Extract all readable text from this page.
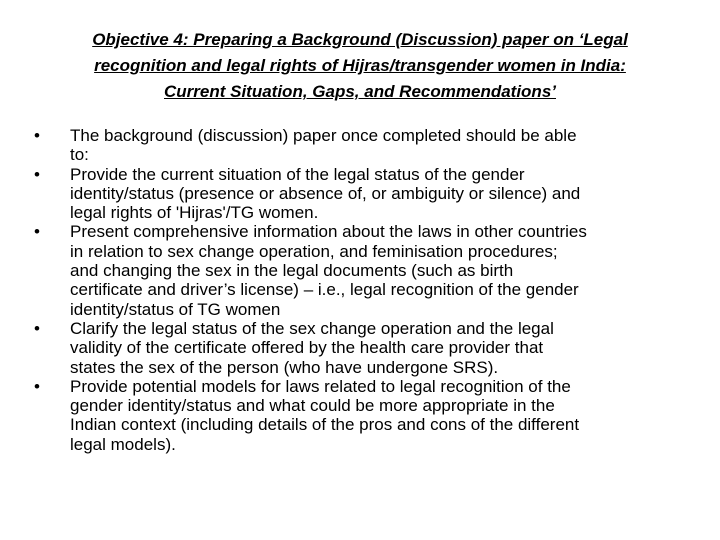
Objective 4: Preparing a Background (Discussion) paper on ‘Legal
recognition and legal rights of Hijras/transgender women in India:
Current Situation, Gaps, and Recommendations’
• The background (discussion) paper once completed should be able
to:
• Provide the current situation of the legal status of the gender
identity/status (presence or absence of, or ambiguity or silence) and
legal rights of 'Hijras'/TG women.
• Present comprehensive information about the laws in other countries
in relation to sex change operation, and feminisation procedures;
and changing the sex in the legal documents (such as birth
certificate and driver’s license) – i.e., legal recognition of the gender
identity/status of TG women
• Clarify the legal status of the sex change operation and the legal
validity of the certificate offered by the health care provider that
states the sex of the person (who have undergone SRS).
• Provide potential models for laws related to legal recognition of the
gender identity/status and what could be more appropriate in the
Indian context (including details of the pros and cons of the different
legal models).
